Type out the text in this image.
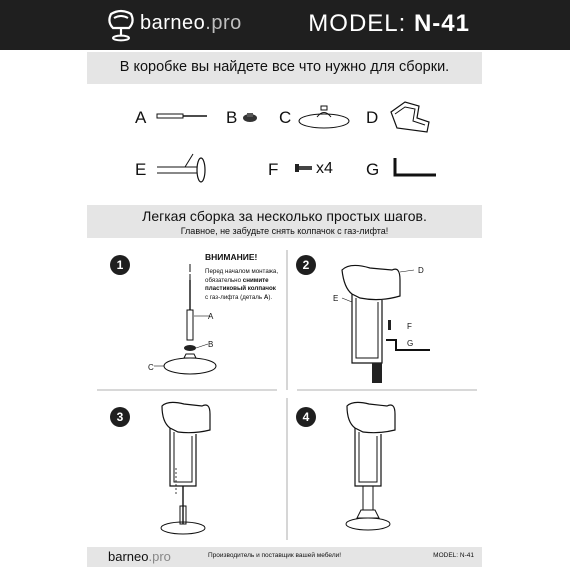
barneo.pro	MODEL: N-41
В коробке вы найдете все что нужно для сборки.
A	B C	D
E	F x4 G
Легкая сборка за несколько простых шагов.
Главное, не забудьте снять колпачок с газ-лифта!
1	2
3	4
A
B
C
ВНИМАНИЕ!
Перед началом монтажа,
обязательно снимите
пластиковый колпачок
с газ-лифта (деталь A).
D
E
F
G
barneo.pro	Производитель и поставщик вашей мебели!	MODEL: N-41
